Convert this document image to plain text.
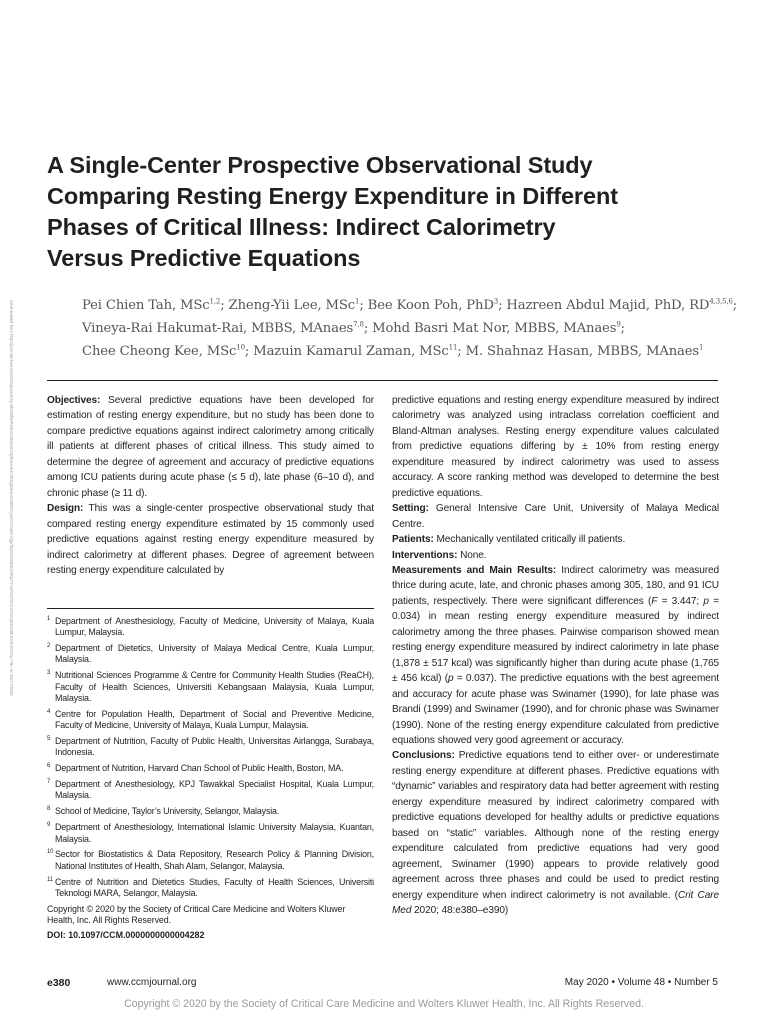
Downloaded from http://journals.lww.com/ccmjournal by BhDMf5ePHKav1zEoum1tQfN4a+kJLhEZgbsIHo4XMi0hCywCX1AWnYQp/IlQrHD3i3D0OdRyi7TvSFl4Cf3VC4/OAVpDDa8KKGKV0Ymy+78= on 04/17/2020
A Single-Center Prospective Observational Study
Comparing Resting Energy Expenditure in Different
Phases of Critical Illness: Indirect Calorimetry
Versus Predictive Equations
Pei Chien Tah, MSc$^{1,2}$; Zheng-Yii Lee, MSc$^1$; Bee Koon Poh, PhD$^3$; Hazreen Abdul Majid, PhD, RD$^{4,3,5,6}$;
Vineya-Rai Hakumat-Rai, MBBS, MAnaes$^{7,8}$; Mohd Basri Mat Nor, MBBS, MAnaes$^9$;
Chee Cheong Kee, MSc$^{10}$; Mazuin Kamarul Zaman, MSc$^{11}$; M. Shahnaz Hasan, MBBS, MAnaes$^1$

Objectives: Several predictive equations have been developed for estimation of resting energy expenditure, but no study has been done to compare predictive equations against indirect calorimetry among critically ill patients at different phases of critical illness. This study aimed to determine the degree of agreement and accuracy of predictive equations among ICU patients during acute phase (≤ 5 d), late phase (6–10 d), and chronic phase (≥ 11 d).

Design: This was a single-center prospective observational study that compared resting energy expenditure estimated by 15 commonly used predictive equations against resting energy expenditure measured by indirect calorimetry at different phases. Degree of agreement between resting energy expenditure calculated by

1 Department of Anesthesiology, Faculty of Medicine, University of Malaya, Kuala Lumpur, Malaysia.
2 Department of Dietetics, University of Malaya Medical Centre, Kuala Lumpur, Malaysia.
3 Nutritional Sciences Programme & Centre for Community Health Studies (ReaCH), Faculty of Health Sciences, Universiti Kebangsaan Malaysia, Kuala Lumpur, Malaysia.
4 Centre for Population Health, Department of Social and Preventive Medicine, Faculty of Medicine, University of Malaya, Kuala Lumpur, Malaysia.
5 Department of Nutrition, Faculty of Public Health, Universitas Airlangga, Surabaya, Indonesia.
6 Department of Nutrition, Harvard Chan School of Public Health, Boston, MA.
7 Department of Anesthesiology, KPJ Tawakkal Specialist Hospital, Kuala Lumpur, Malaysia.
8 School of Medicine, Taylor’s University, Selangor, Malaysia.
9 Department of Anesthesiology, International Islamic University Malaysia, Kuantan, Malaysia.
10 Sector for Biostatistics & Data Repository, Research Policy & Planning Division, National Institutes of Health, Shah Alam, Selangor, Malaysia.
11 Centre of Nutrition and Dietetics Studies, Faculty of Health Sciences, Universiti Teknologi MARA, Selangor, Malaysia.
Copyright © 2020 by the Society of Critical Care Medicine and Wolters Kluwer Health, Inc. All Rights Reserved.
DOI: 10.1097/CCM.0000000000004282

predictive equations and resting energy expenditure measured by indirect calorimetry was analyzed using intraclass correlation coefficient and Bland-Altman analyses. Resting energy expenditure values calculated from predictive equations differing by ± 10% from resting energy expenditure measured by indirect calorimetry was used to assess accuracy. A score ranking method was developed to determine the best predictive equations.

Setting: General Intensive Care Unit, University of Malaya Medical Centre.

Patients: Mechanically ventilated critically ill patients.

Interventions: None.

Measurements and Main Results: Indirect calorimetry was measured thrice during acute, late, and chronic phases among 305, 180, and 91 ICU patients, respectively. There were significant differences (F = 3.447; p = 0.034) in mean resting energy expenditure measured by indirect calorimetry among the three phases. Pairwise comparison showed mean resting energy expenditure measured by indirect calorimetry in late phase (1,878 ± 517 kcal) was significantly higher than during acute phase (1,765 ± 456 kcal) (p = 0.037). The predictive equations with the best agreement and accuracy for acute phase was Swinamer (1990), for late phase was Brandi (1999) and Swinamer (1990), and for chronic phase was Swinamer (1990). None of the resting energy expenditure calculated from predictive equations showed very good agreement or accuracy.

Conclusions: Predictive equations tend to either over- or underestimate resting energy expenditure at different phases. Predictive equations with “dynamic” variables and respiratory data had better agreement with resting energy expenditure measured by indirect calorimetry compared with predictive equations developed for healthy adults or predictive equations based on “static” variables. Although none of the resting energy expenditure calculated from predictive equations had very good agreement, Swinamer (1990) appears to provide relatively good agreement across three phases and could be used to predict resting energy expenditure when indirect calorimetry is not available. (Crit Care Med 2020; 48:e380–e390)

e380	www.ccmjournal.org	May 2020 • Volume 48 • Number 5
Copyright © 2020 by the Society of Critical Care Medicine and Wolters Kluwer Health, Inc. All Rights Reserved.
